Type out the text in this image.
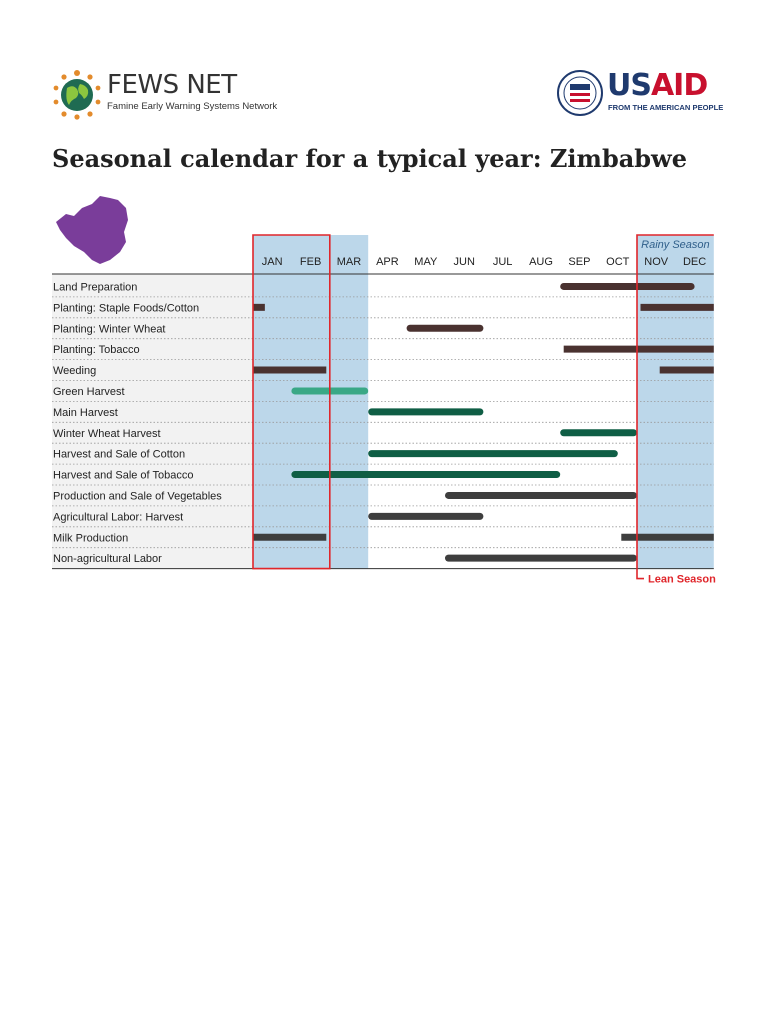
FEWS NET
Famine Early Warning Systems Network
USAID
FROM THE AMERICAN PEOPLE
Seasonal calendar for a typical year: Zimbabwe
Rainy Season
JAN FEB MAR APR MAY JUN JUL AUG SEP OCT NOV DEC
Land Preparation
Planting: Staple Foods/Cotton
Planting: Winter Wheat
Planting: Tobacco
Weeding
Green Harvest
Main Harvest
Winter Wheat Harvest
Harvest and Sale of Cotton
Harvest and Sale of Tobacco
Production and Sale of Vegetables
Agricultural Labor: Harvest
Milk Production
Non-agricultural Labor
Lean Season
